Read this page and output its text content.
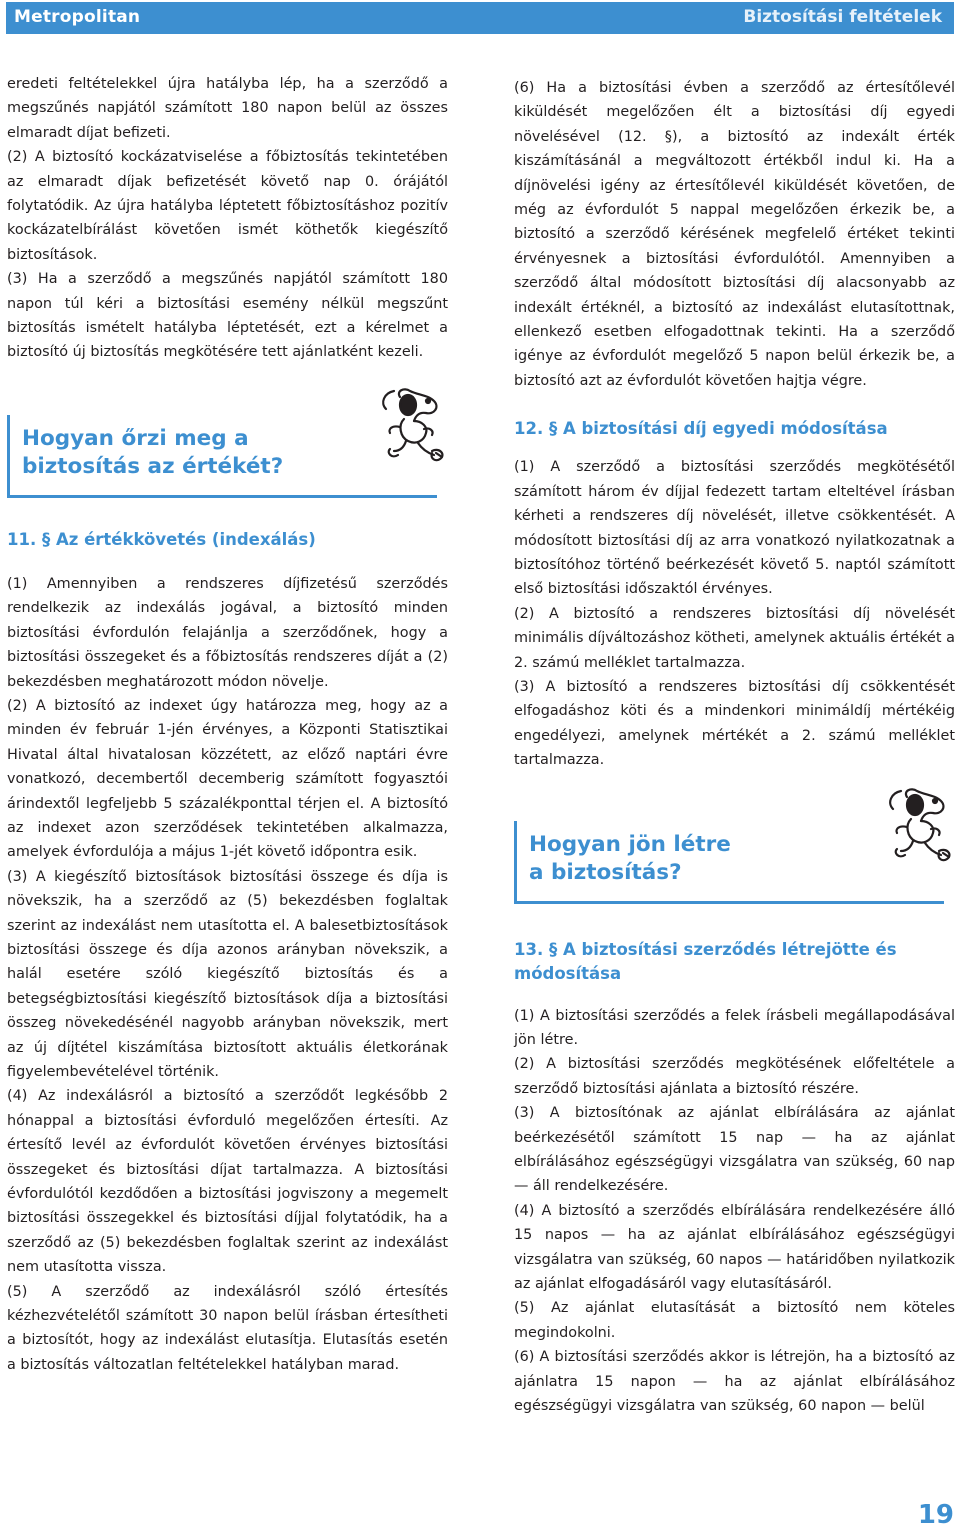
Metropolitan	Biztosítási feltételek

eredeti feltételekkel újra hatályba lép, ha a szerződő a megszűnés napjától számított 180 napon belül az összes elmaradt díjat befizeti.

(2) A biztosító kockázatviselése a főbiztosítás tekintetében az elmaradt díjak befizetését követő nap 0. órájától folytatódik. Az újra hatályba léptetett főbiztosításhoz pozitív kockázatelbírálást követően ismét köthetők kiegészítő biztosítások.

(3) Ha a szerződő a megszűnés napjától számított 180 napon túl kéri a biztosítási esemény nélkül megszűnt biztosítás ismételt hatályba léptetését, ezt a kérelmet a biztosító új biztosítás megkötésére tett ajánlatként kezeli.

Hogyan őrzi meg a

biztosítás az értékét?

11. § Az értékkövetés (indexálás)

(1) Amennyiben a rendszeres díjfizetésű szerződés rendelkezik az indexálás jogával, a biztosító minden biztosítási évfordulón felajánlja a szerződőnek, hogy a biztosítási összegeket és a főbiztosítás rendszeres díját a (2) bekezdésben meghatározott módon növelje.

(2) A biztosító az indexet úgy határozza meg, hogy az a minden év február 1-jén érvényes, a Központi Statisztikai Hivatal által hivatalosan közzétett, az előző naptári évre vonatkozó, decembertől decemberig számított fogyasztói árindextől legfeljebb 5 százalékponttal térjen el. A biztosító az indexet azon szerződések tekintetében alkalmazza, amelyek évfordulója a május 1-jét követő időpontra esik.

(3) A kiegészítő biztosítások biztosítási összege és díja is növekszik, ha a szerződő az (5) bekezdésben foglaltak szerint az indexálást nem utasította el. A balesetbiztosítások biztosítási összege és díja azonos arányban növekszik, a halál esetére szóló kiegészítő biztosítás és a betegségbiztosítási kiegészítő biztosítások díja a biztosítási összeg növekedésénél nagyobb arányban növekszik, mert az új díjtétel kiszámítása biztosított aktuális életkorának figyelembevételével történik.

(4) Az indexálásról a biztosító a szerződőt legkésőbb 2 hónappal a biztosítási évforduló megelőzően értesíti. Az értesítő levél az évfordulót követően érvényes biztosítási összegeket és biztosítási díjat tartalmazza. A biztosítási évfordulótól kezdődően a biztosítási jogviszony a megemelt biztosítási összegekkel és biztosítási díjjal folytatódik, ha a szerződő az (5) bekezdésben foglaltak szerint az indexálást nem utasította vissza.

(5) A szerződő az indexálásról szóló értesítés kézhezvételétől számított 30 napon belül írásban értesítheti a biztosítót, hogy az indexálást elutasítja. Elutasítás esetén a biztosítás változatlan feltételekkel hatályban marad.

(6) Ha a biztosítási évben a szerződő az értesítőlevél kiküldését megelőzően élt a biztosítási díj egyedi növelésével (12. §), a biztosító az indexált érték kiszámításánál a megváltozott értékből indul ki. Ha a díjnövelési igény az értesítőlevél kiküldését követően, de még az évfordulót 5 nappal megelőzően érkezik be, a biztosító a szerződő kérésének megfelelő értéket tekinti érvényesnek a biztosítási évfordulótól. Amennyiben a szerződő által módosított biztosítási díj alacsonyabb az indexált értéknél, a biztosító az indexálást elutasítottnak, ellenkező esetben elfogadottnak tekinti. Ha a szerződő igénye az évfordulót megelőző 5 napon belül érkezik be, a biztosító azt az évfordulót követően hajtja végre.

12. § A biztosítási díj egyedi módosítása

(1) A szerződő a biztosítási szerződés megkötésétől számított három év díjjal fedezett tartam elteltével írásban kérheti a rendszeres díj növelését, illetve csökkentését. A módosított biztosítási díj az arra vonatkozó nyilatkozatnak a biztosítóhoz történő beérkezését követő 5. naptól számított első biztosítási időszaktól érvényes.

(2) A biztosító a rendszeres biztosítási díj növelését minimális díjváltozáshoz kötheti, amelynek aktuális értékét a 2. számú melléklet tartalmazza.

(3) A biztosító a rendszeres biztosítási díj csökkentését elfogadáshoz köti és a mindenkori minimáldíj mértékéig engedélyezi, amelynek mértékét a 2. számú melléklet tartalmazza.

Hogyan jön létre

a biztosítás?

13. § A biztosítási szerződés létrejötte és

módosítása

(1) A biztosítási szerződés a felek írásbeli megállapodásával jön létre.

(2) A biztosítási szerződés megkötésének előfeltétele a szerződő biztosítási ajánlata a biztosító részére.

(3) A biztosítónak az ajánlat elbírálására az ajánlat beérkezésétől számított 15 nap — ha az ajánlat elbírálásához egészségügyi vizsgálatra van szükség, 60 nap — áll rendelkezésére.

(4) A biztosító a szerződés elbírálására rendelkezésére álló 15 napos — ha az ajánlat elbírálásához egészségügyi vizsgálatra van szükség, 60 napos — határidőben nyilatkozik az ajánlat elfogadásáról vagy elutasításáról.

(5) Az ajánlat elutasítását a biztosító nem köteles megindokolni.

(6) A biztosítási szerződés akkor is létrejön, ha a biztosító az ajánlatra 15 napon — ha az ajánlat elbírálásához egészségügyi vizsgálatra van szükség, 60 napon — belül

19
